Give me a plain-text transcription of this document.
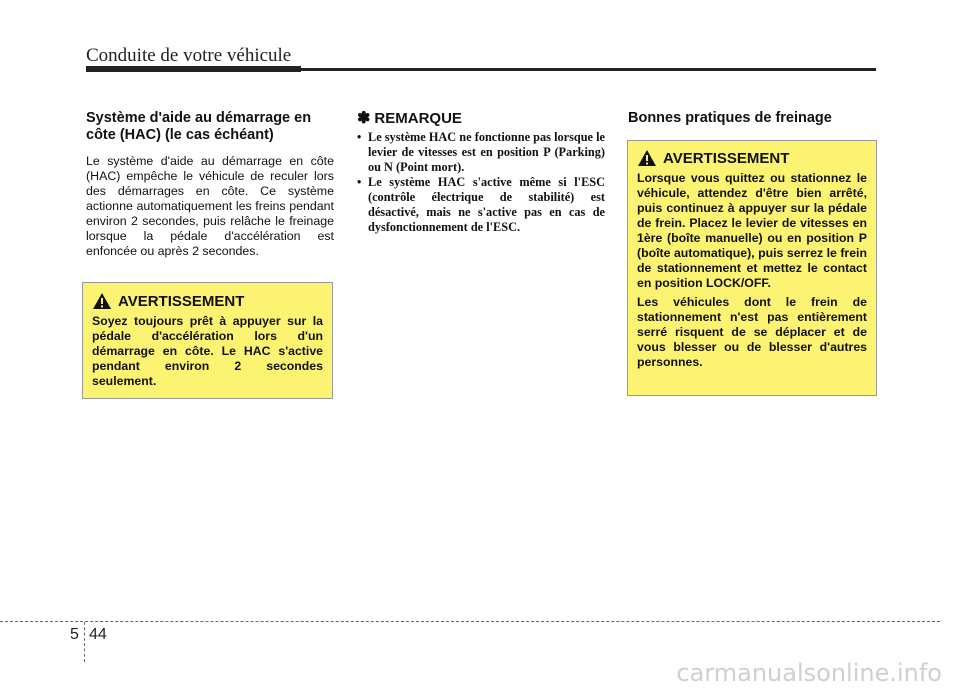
Conduite de votre véhicule
Système d'aide au démarrage en côte (HAC) (le cas échéant)

Le système d'aide au démarrage en côte (HAC) empêche le véhicule de reculer lors des démarrages en côte. Ce système actionne automatiquement les freins pendant environ 2 secondes, puis relâche le freinage lorsque la pédale d'accélération est enfoncée ou après 2 secondes.

AVERTISSEMENT

Soyez toujours prêt à appuyer sur la pédale d'accélération lors d'un démarrage en côte. Le HAC s'active pendant environ 2 secondes seulement.

✽ REMARQUE
• Le système HAC ne fonctionne pas lorsque le levier de vitesses est en position P (Parking) ou N (Point mort).
• Le système HAC s'active même si l'ESC (contrôle électrique de stabilité) est désactivé, mais ne s'active pas en cas de dysfonctionnement de l'ESC.
Bonnes pratiques de freinage
AVERTISSEMENT

Lorsque vous quittez ou stationnez le véhicule, attendez d'être bien arrêté, puis continuez à appuyer sur la pédale de frein. Placez le levier de vitesses en 1ère (boîte manuelle) ou en position P (boîte automatique), puis serrez le frein de stationnement et mettez le contact en position LOCK/OFF.

Les véhicules dont le frein de stationnement n'est pas entièrement serré risquent de se déplacer et de vous blesser ou de blesser d'autres personnes.

5 44
carmanualsonline.info
